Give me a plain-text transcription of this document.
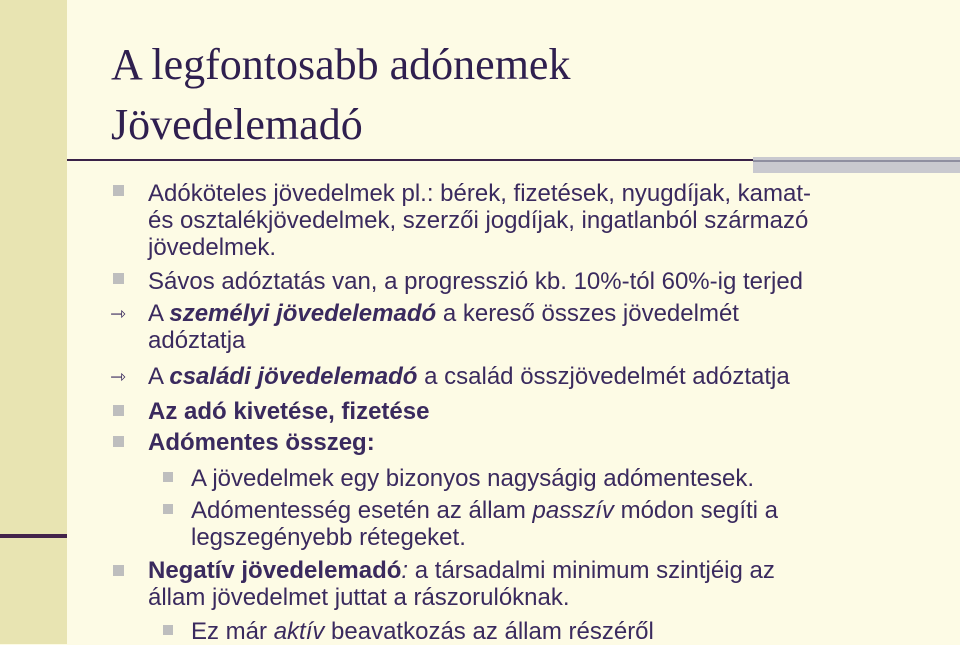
A legfontosabb adónemek
Jövedelemadó
Adóköteles jövedelmek pl.: bérek, fizetések, nyugdíjak, kamat-
és osztalékjövedelmek, szerzői jogdíjak, ingatlanból származó
jövedelmek.
Sávos adóztatás van, a progresszió kb. 10%-tól 60%-ig terjed
⇾ A személyi jövedelemadó a kereső összes jövedelmét
adóztatja
⇾ A családi jövedelemadó a család összjövedelmét adóztatja
Az adó kivetése, fizetése
Adómentes összeg:
A jövedelmek egy bizonyos nagyságig adómentesek.
Adómentesség esetén az állam passzív módon segíti a
legszegényebb rétegeket.
Negatív jövedelemadó: a társadalmi minimum szintjéig az
állam jövedelmet juttat a rászorulóknak.
Ez már aktív beavatkozás az állam részéről
